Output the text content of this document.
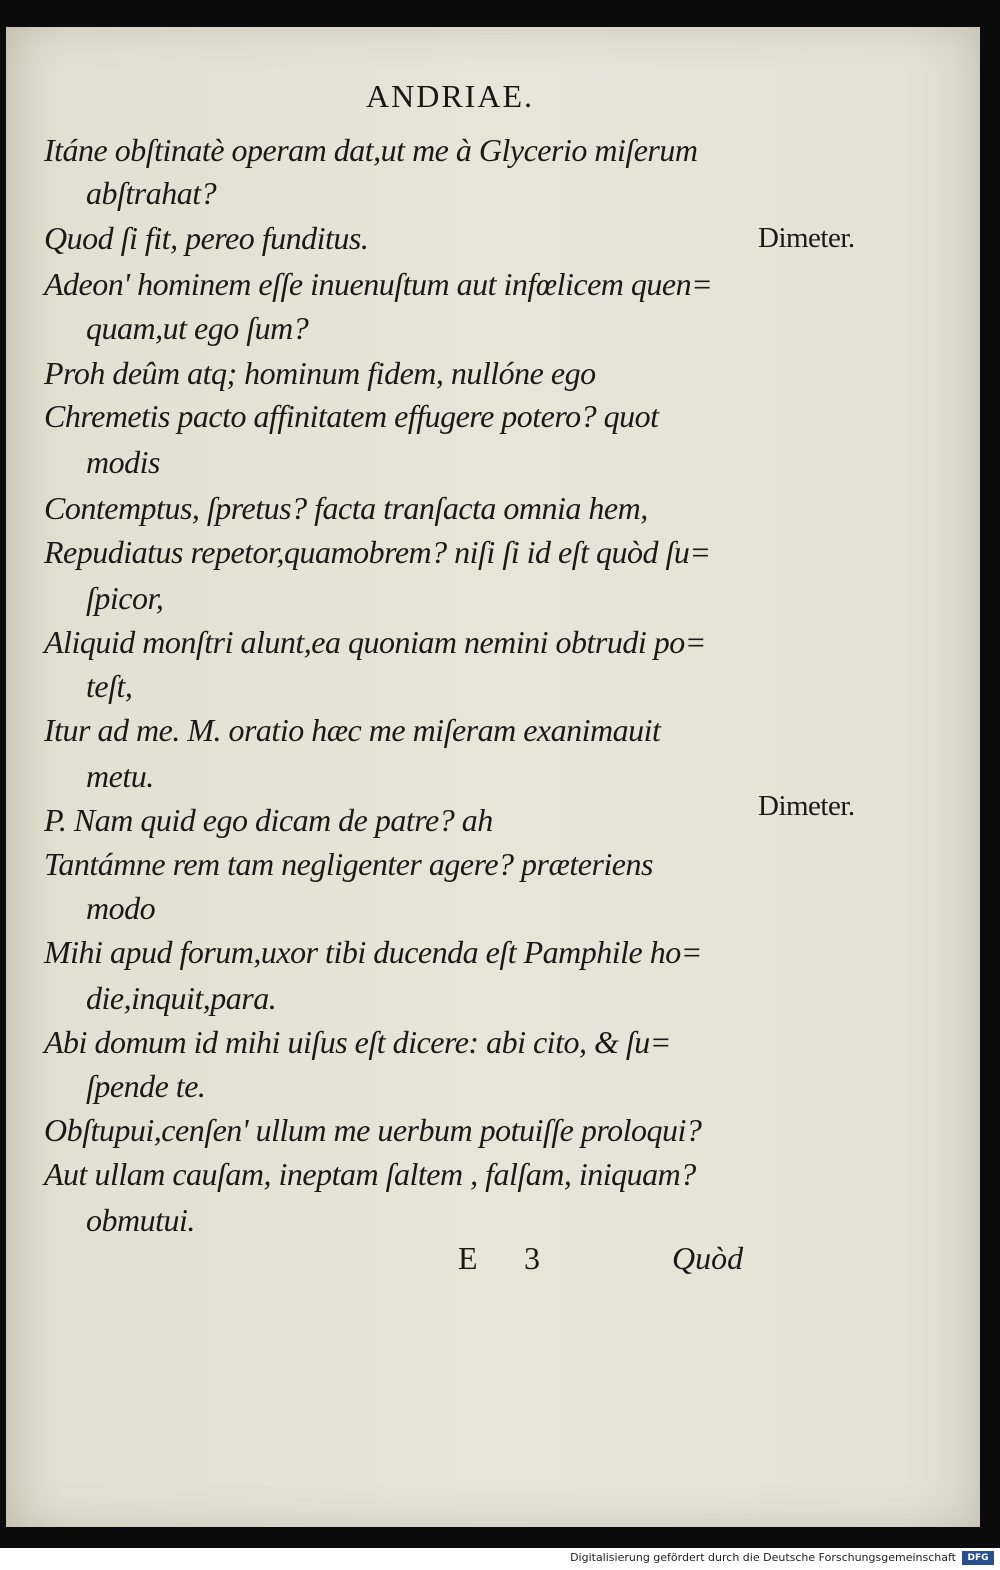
ANDRIAE.
Itáne obſtinatè operam dat,ut me à Glycerio miſerum
abſtrahat?
Quod ſi fit, pereo funditus.
Adeon' hominem eſſe inuenuſtum aut infœlicem quen=
quam,ut ego ſum?
Proh deûm atq; hominum fidem, nullóne ego
Chremetis pacto affinitatem effugere potero? quot
modis
Contemptus, ſpretus? facta tranſacta omnia hem,
Repudiatus repetor,quamobrem? niſi ſi id eſt quòd ſu=
ſpicor,
Aliquid monſtri alunt,ea quoniam nemini obtrudi po=
teſt,
Itur ad me. M. oratio hæc me miſeram exanimauit
metu.
P. Nam quid ego dicam de patre? ah
Tantámne rem tam negligenter agere? præteriens
modo
Mihi apud forum,uxor tibi ducenda eſt Pamphile ho=
die,inquit,para.
Abi domum id mihi uiſus eſt dicere: abi cito, & ſu=
ſpende te.
Obſtupui,cenſen' ullum me uerbum potuiſſe proloqui?
Aut ullam cauſam, ineptam ſaltem , falſam, iniquam?
obmutui.
Dimeter.
Dimeter.
E 3	Quòd
Digitalisierung gefördert durch die Deutsche Forschungsgemeinschaft	DFG
